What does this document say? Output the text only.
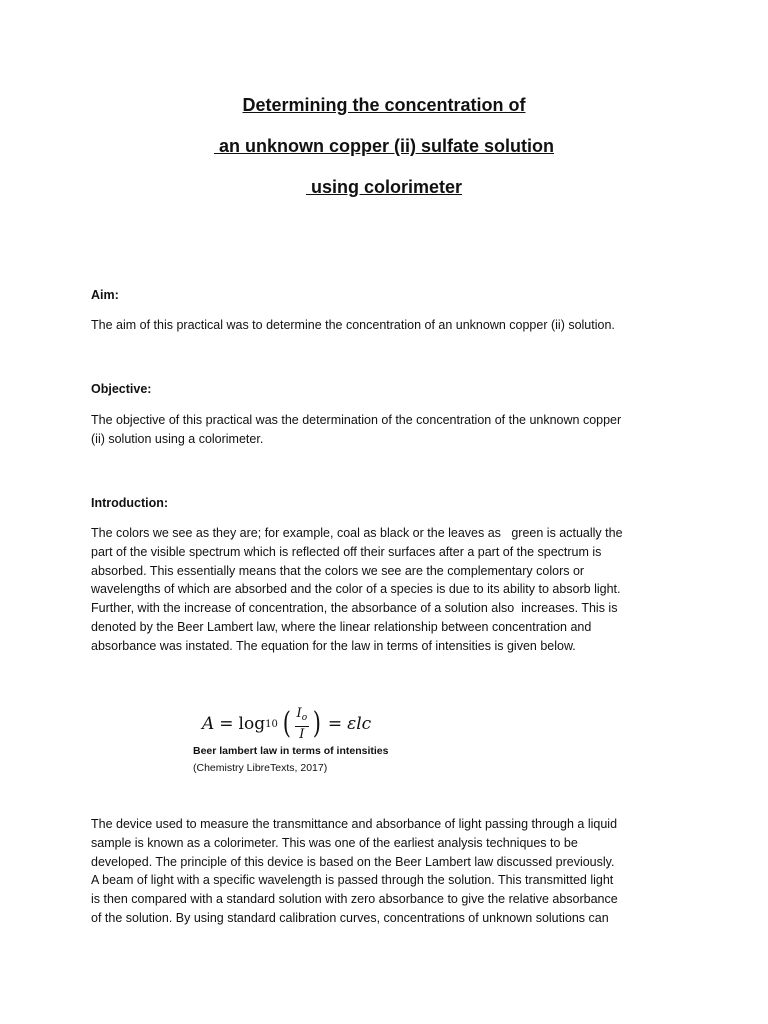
Determining the concentration of
an unknown copper (ii) sulfate solution
using colorimeter
Aim:
The aim of this practical was to determine the concentration of an unknown copper (ii) solution.
Objective:
The objective of this practical was the determination of the concentration of the unknown copper
(ii) solution using a colorimeter.
Introduction:
The colors we see as they are; for example, coal as black or the leaves as   green is actually the
part of the visible spectrum which is reflected off their surfaces after a part of the spectrum is
absorbed. This essentially means that the colors we see are the complementary colors or
wavelengths of which are absorbed and the color of a species is due to its ability to absorb light.
Further, with the increase of concentration, the absorbance of a solution also  increases. This is
denoted by the Beer Lambert law, where the linear relationship between concentration and
absorbance was instated. The equation for the law in terms of intensities is given below.
A = log 10 ( $\frac{I_o}{I}$ ) = εlc
Beer lambert law in terms of intensities
(Chemistry LibreTexts, 2017)
The device used to measure the transmittance and absorbance of light passing through a liquid
sample is known as a colorimeter. This was one of the earliest analysis techniques to be
developed. The principle of this device is based on the Beer Lambert law discussed previously.
A beam of light with a specific wavelength is passed through the solution. This transmitted light
is then compared with a standard solution with zero absorbance to give the relative absorbance
of the solution. By using standard calibration curves, concentrations of unknown solutions can
